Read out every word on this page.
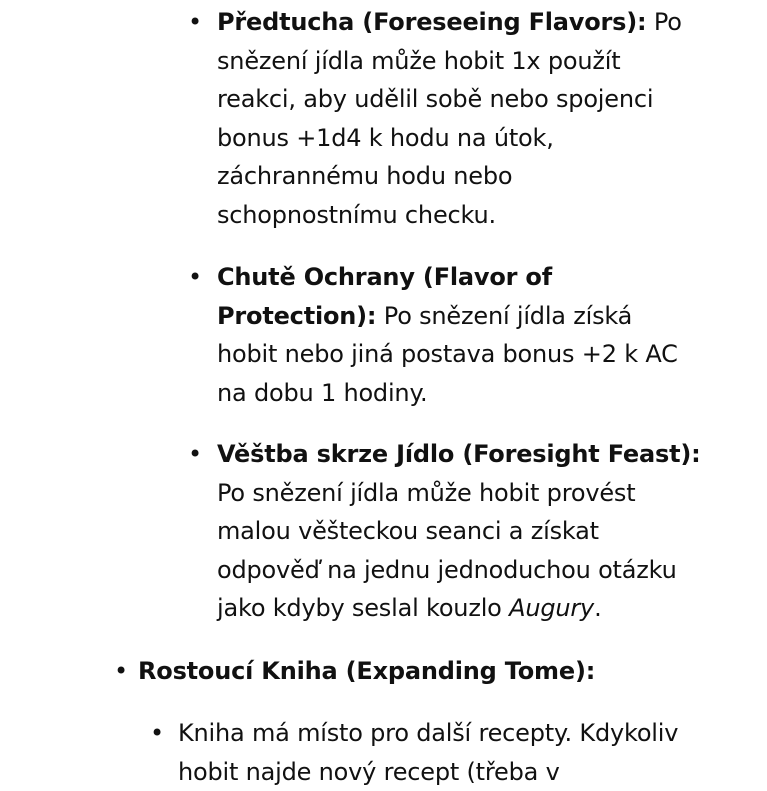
• Předtucha (Foreseeing Flavors): Po
snězení jídla může hobit 1x použít
reakci, aby udělil sobě nebo spojenci
bonus +1d4 k hodu na útok,
záchrannému hodu nebo
schopnostnímu checku.
• Chutě Ochrany (Flavor of
Protection): Po snězení jídla získá
hobit nebo jiná postava bonus +2 k AC
na dobu 1 hodiny.
• Věštba skrze Jídlo (Foresight Feast):
Po snězení jídla může hobit provést
malou věšteckou seanci a získat
odpověď na jednu jednoduchou otázku
jako kdyby seslal kouzlo Augury.
• Rostoucí Kniha (Expanding Tome):
• Kniha má místo pro další recepty. Kdykoliv
hobit najde nový recept (třeba v
